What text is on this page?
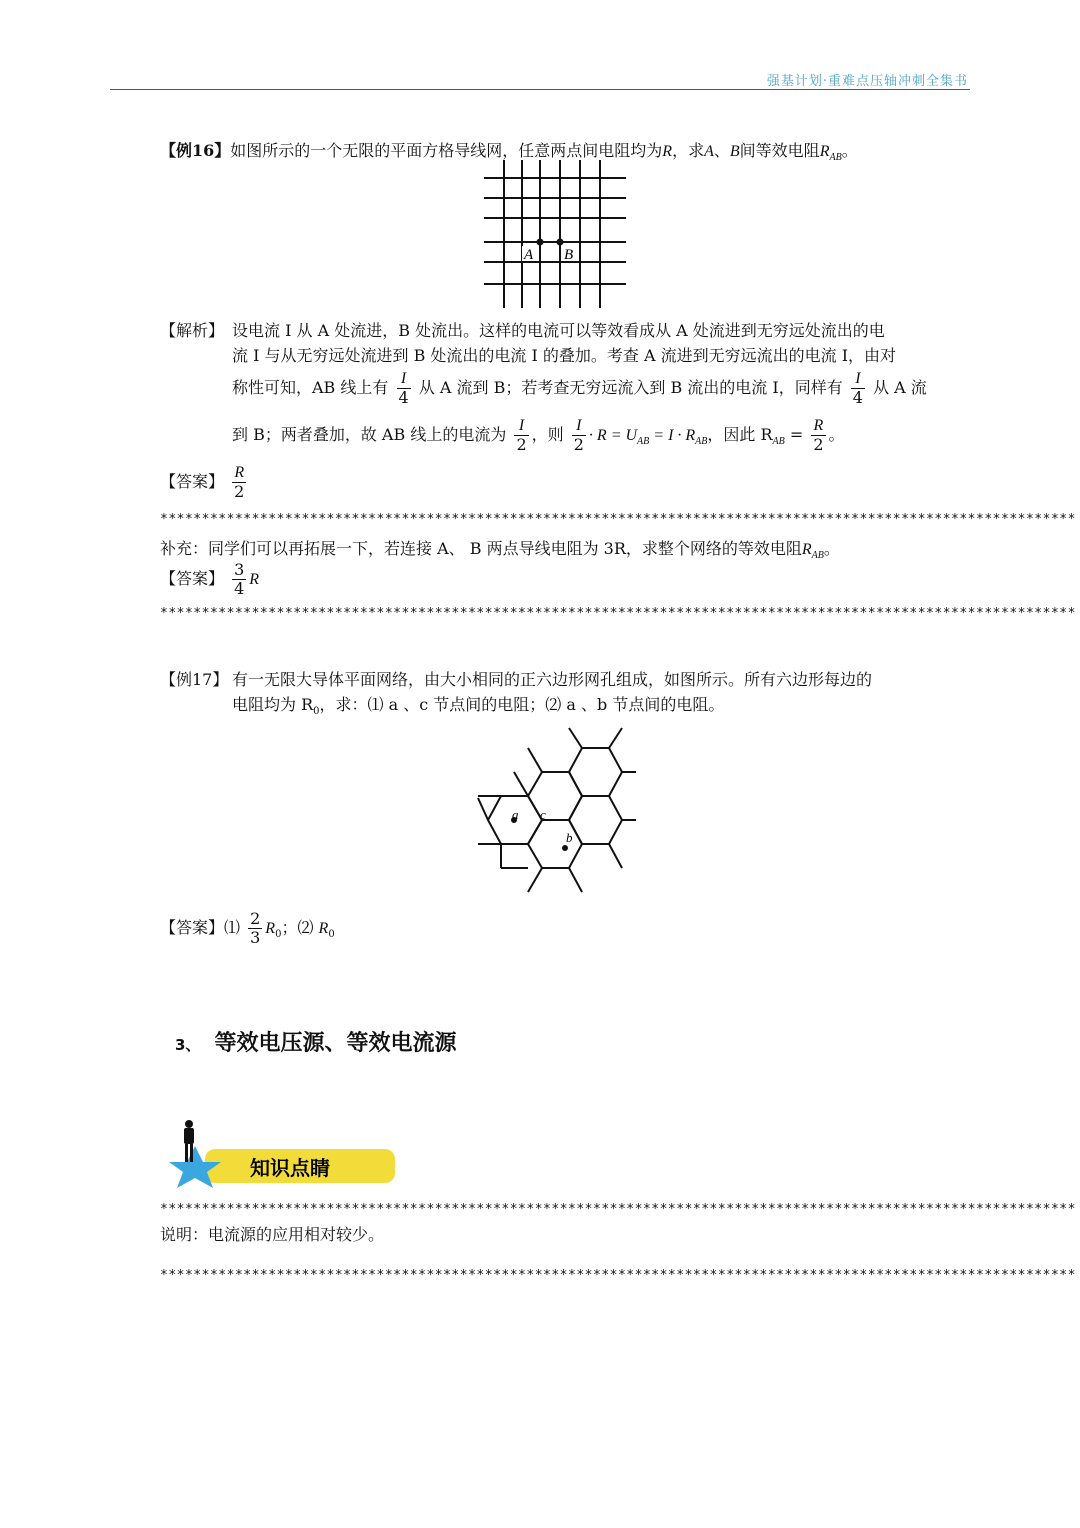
强基计划·重难点压轴冲刺全集书
【例16】如图所示的一个无限的平面方格导线网，任意两点间电阻均为R，求A、B间等效电阻$R_{AB}$。
A B
【解析】 设电流 I 从 A 处流进，B 处流出。这样的电流可以等效看成从 A 处流进到无穷远处流出的电
流 I 与从无穷远处流进到 B 处流出的电流 I 的叠加。考查 A 流进到无穷远流出的电流 I，由对
称性可知，AB 线上有 $\frac{I}{4}$ 从 A 流到 B；若考查无穷远流入到 B 流出的电流 I，同样有 $\frac{I}{4}$ 从 A 流
到 B；两者叠加，故 AB 线上的电流为 $\frac{I}{2}$ ，则 $\frac{I}{2} \cdot R = U_{AB} = I \cdot R_{AB}$，因此 $R_{AB} = \frac{R}{2}$ 。
【答案】 $\frac{R}{2}$
**************************************************************************************************************
补充：同学们可以再拓展一下，若连接 A、 B 两点导线电阻为 3R，求整个网络的等效电阻$R_{AB}$。
【答案】 $\frac{3}{4}$ R
**************************************************************************************************************
【例17】 有一无限大导体平面网络，由大小相同的正六边形网孔组成，如图所示。所有六边形每边的
电阻均为 $R_0$，求：⑴ a 、c 节点间的电阻；⑵ a 、b 节点间的电阻。
a c
b
【答案】⑴ $\frac{2}{3} R_0$；⑵ $R_0$
3、 等效电压源、等效电流源
知识点睛
**************************************************************************************************************
说明：电流源的应用相对较少。
**************************************************************************************************************
